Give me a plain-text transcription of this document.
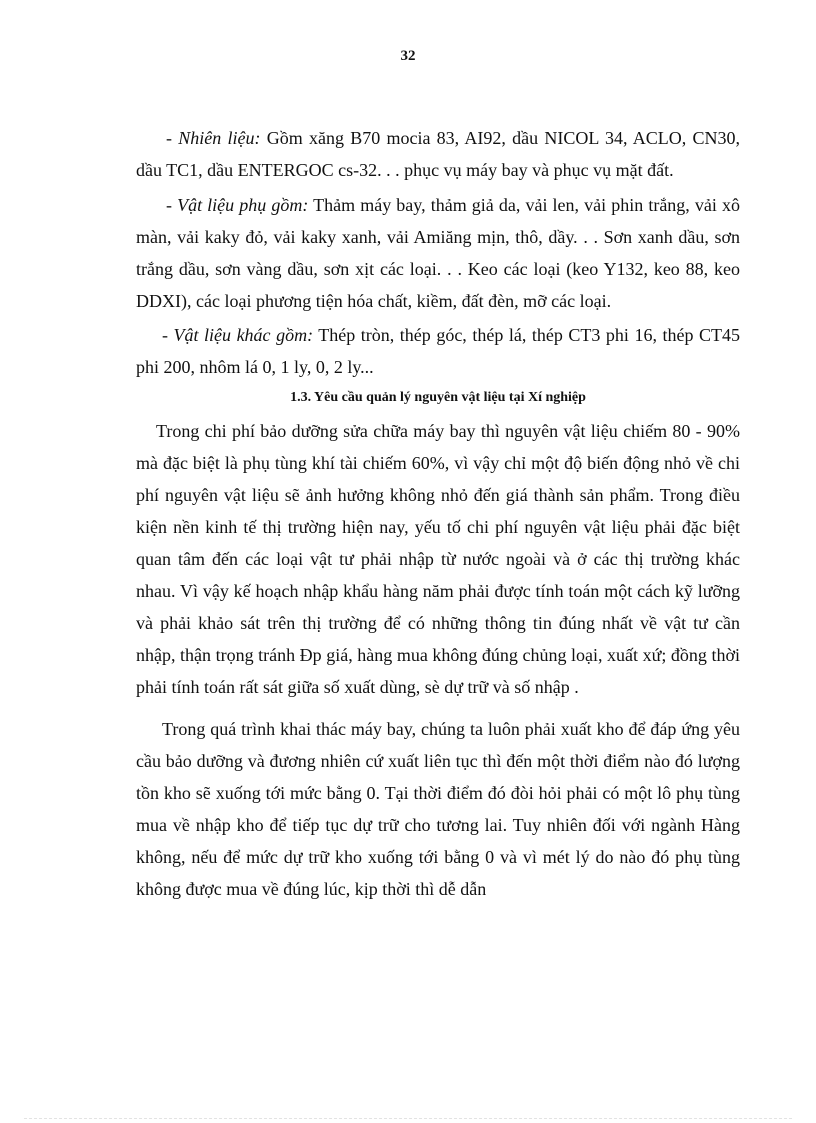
32

- Nhiên liệu: Gồm xăng B70 mocia 83, AI92, dầu NICOL 34, ACLO, CN30, dầu TC1, dầu ENTERGOC cs-32. . . phục vụ máy bay và phục vụ mặt đất.

- Vật liệu phụ gồm: Thảm máy bay, thảm giả da, vải len, vải phin trắng, vải xô màn, vải kaky đỏ, vải kaky xanh, vải Amiăng mịn, thô, dầy. . . Sơn xanh dầu, sơn trắng dầu, sơn vàng dầu, sơn xịt các loại. . . Keo các loại (keo Y132, keo 88, keo DDXI), các loại phương tiện hóa chất, kiềm, đất đèn, mỡ các loại.

- Vật liệu khác gồm: Thép tròn, thép góc, thép lá, thép CT3 phi 16, thép CT45 phi 200, nhôm lá 0, 1 ly, 0, 2 ly...

1.3. Yêu cầu quản lý nguyên vật liệu tại Xí nghiệp

Trong chi phí bảo dưỡng sửa chữa máy bay thì nguyên vật liệu chiếm 80 - 90% mà đặc biệt là phụ tùng khí tài chiếm 60%, vì vậy chỉ một độ biến động nhỏ về chi phí nguyên vật liệu sẽ ảnh hưởng không nhỏ đến giá thành sản phẩm. Trong điều kiện nền kinh tế thị trường hiện nay, yếu tố chi phí nguyên vật liệu phải đặc biệt quan tâm đến các loại vật tư phải nhập từ nước ngoài và ở các thị trường khác nhau. Vì vậy kế hoạch nhập khẩu hàng năm phải được tính toán một cách kỹ lưỡng và phải khảo sát trên thị trường để có những thông tin đúng nhất về vật tư cần nhập, thận trọng tránh Đp giá, hàng mua không đúng chủng loại, xuất xứ; đồng thời phải tính toán rất sát giữa số xuất dùng, sè dự trữ và số nhập .

Trong quá trình khai thác máy bay, chúng ta luôn phải xuất kho để đáp ứng yêu cầu bảo dưỡng và đương nhiên cứ xuất liên tục thì đến một thời điểm nào đó lượng tồn kho sẽ xuống tới mức bằng 0. Tại thời điểm đó đòi hỏi phải có một lô phụ tùng mua về nhập kho để tiếp tục dự trữ cho tương lai. Tuy nhiên đối với ngành Hàng không, nếu để mức dự trữ kho xuống tới bằng 0 và vì mét lý do nào đó phụ tùng không được mua về đúng lúc, kịp thời thì dễ dẫn
